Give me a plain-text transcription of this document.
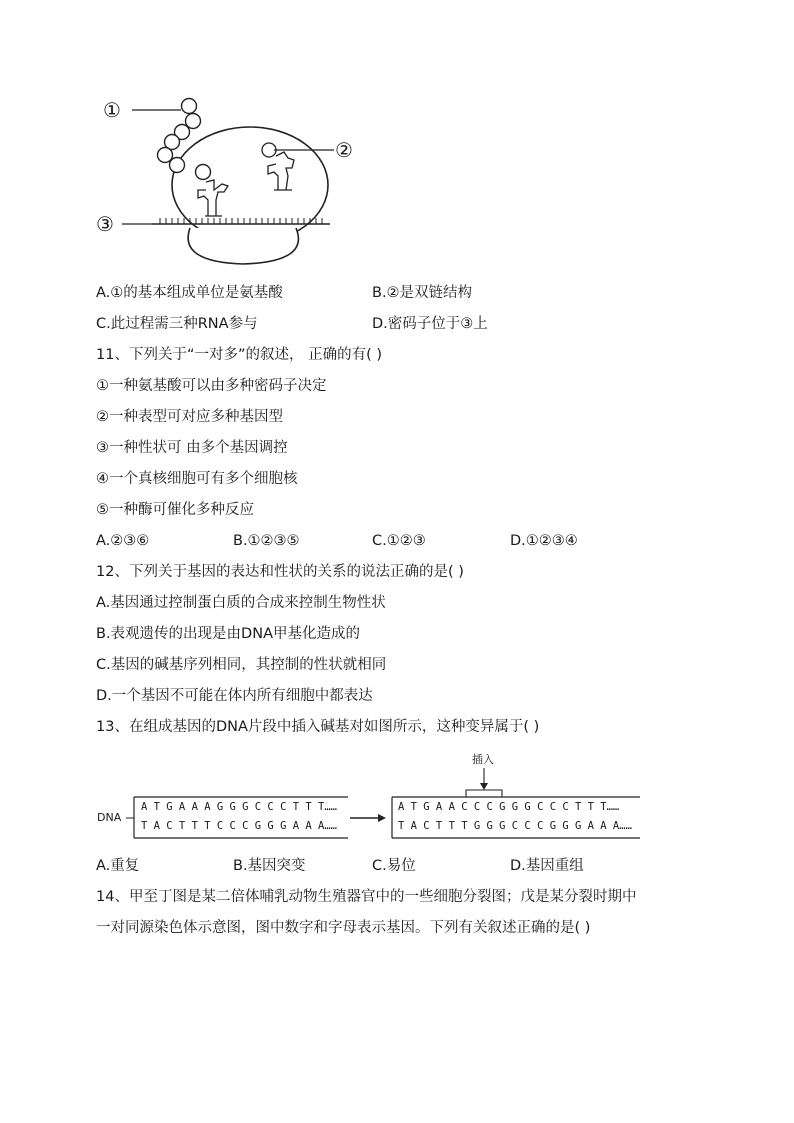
①
②
③
A.①的基本组成单位是氨基酸	B.②是双链结构
C.此过程需三种RNA参与	D.密码子位于③上
11、下列关于“一对多”的叙述， 正确的有( )
①一种氨基酸可以由多种密码子决定
②一种表型可对应多种基因型
③一种性状可 由多个基因调控
④一个真核细胞可有多个细胞核
⑤一种酶可催化多种反应
A.②③⑥	B.①②③⑤	C.①②③	D.①②③④
12、下列关于基因的表达和性状的关系的说法正确的是( )
A.基因通过控制蛋白质的合成来控制生物性状
B.表观遗传的出现是由DNA甲基化造成的
C.基因的碱基序列相同，其控制的性状就相同
D.一个基因不可能在体内所有细胞中都表达
13、在组成基因的DNA片段中插入碱基对如图所示，这种变异属于( )
DNA
插入
A T G A A A G G G C C C T T T……
T A C T T T C C C G G G A A A……
A T G A A C C C G G G C C C T T T……
T A C T T T G G G C C C G G G A A A……
A.重复	B.基因突变	C.易位	D.基因重组
14、甲至丁图是某二倍体哺乳动物生殖器官中的一些细胞分裂图；戊是某分裂时期中
一对同源染色体示意图，图中数字和字母表示基因。下列有关叙述正确的是( )
